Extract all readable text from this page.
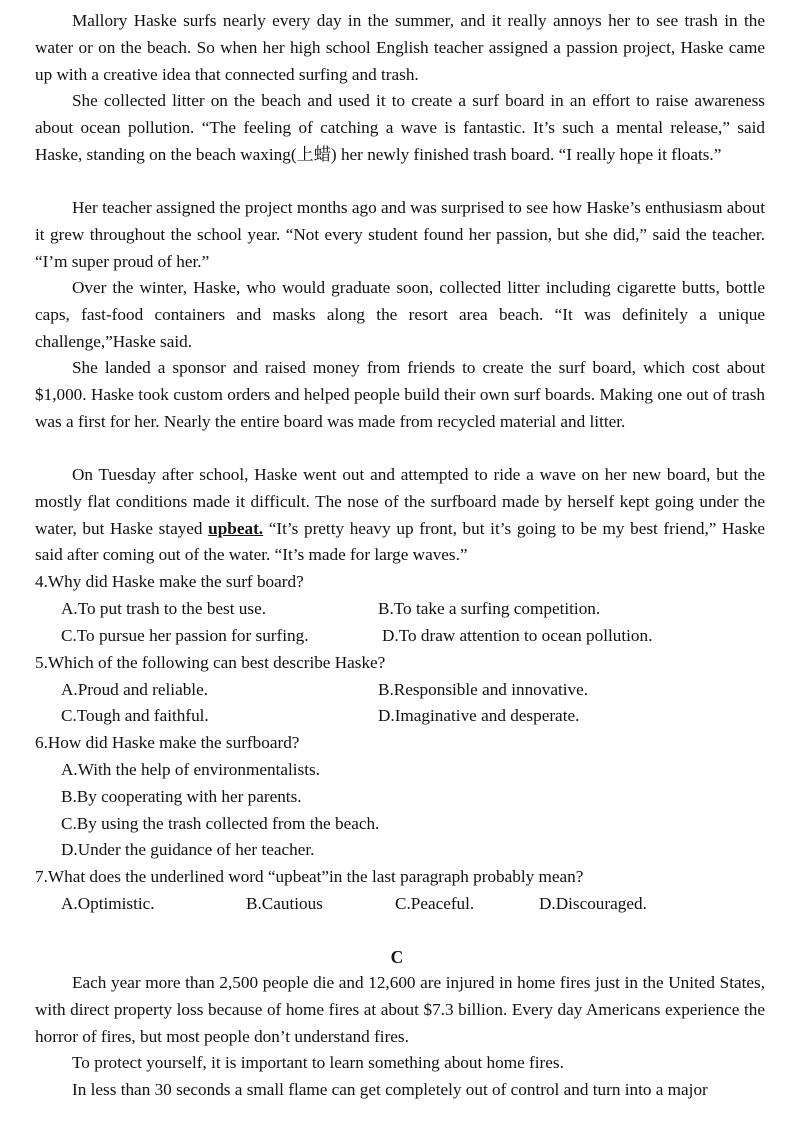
Mallory Haske surfs nearly every day in the summer, and it really annoys her to see trash in the water or on the beach. So when her high school English teacher assigned a passion project, Haske came up with a creative idea that connected surfing and trash.

She collected litter on the beach and used it to create a surf board in an effort to raise awareness about ocean pollution. “The feeling of catching a wave is fantastic. It’s such a mental release,” said Haske, standing on the beach waxing(上蜡) her newly finished trash board. “I really hope it floats.”

Her teacher assigned the project months ago and was surprised to see how Haske’s enthusiasm about it grew throughout the school year. “Not every student found her passion, but she did,” said the teacher. “I’m super proud of her.”

Over the winter, Haske, who would graduate soon, collected litter including cigarette butts, bottle caps, fast-food containers and masks along the resort area beach. “It was definitely a unique challenge,”Haske said.

She landed a sponsor and raised money from friends to create the surf board, which cost about $1,000. Haske took custom orders and helped people build their own surf boards. Making one out of trash was a first for her. Nearly the entire board was made from recycled material and litter.

On Tuesday after school, Haske went out and attempted to ride a wave on her new board, but the mostly flat conditions made it difficult. The nose of the surfboard made by herself kept going under the water, but Haske stayed upbeat. “It’s pretty heavy up front, but it’s going to be my best friend,” Haske said after coming out of the water. “It’s made for large waves.”

4.Why did Haske make the surf board?

A.To put trash to the best use.	B.To take a surfing competition.

C.To pursue her passion for surfing.	D.To draw attention to ocean pollution.

5.Which of the following can best describe Haske?

A.Proud and reliable.	B.Responsible and innovative.

C.Tough and faithful.	D.Imaginative and desperate.

6.How did Haske make the surfboard?

A.With the help of environmentalists.

B.By cooperating with her parents.

C.By using the trash collected from the beach.

D.Under the guidance of her teacher.

7.What does the underlined word “upbeat”in the last paragraph probably mean?

A.Optimistic.	B.Cautious	C.Peaceful.	D.Discouraged.

C

Each year more than 2,500 people die and 12,600 are injured in home fires just in the United States, with direct property loss because of home fires at about $7.3 billion. Every day Americans experience the horror of fires, but most people don’t understand fires.

To protect yourself, it is important to learn something about home fires.

In less than 30 seconds a small flame can get completely out of control and turn into a major
